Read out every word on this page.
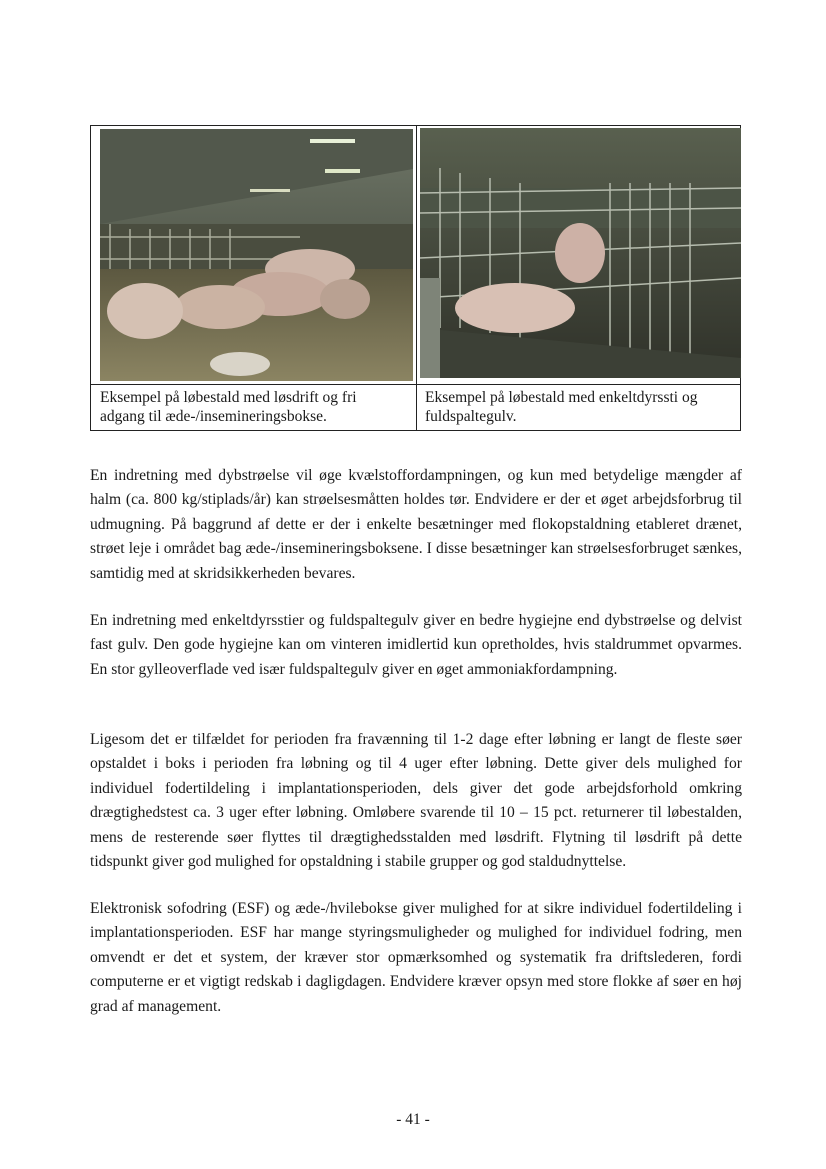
Eksempel på løbestald med løsdrift og fri adgang til æde-/insemineringsbokse.
Eksempel på løbestald med enkeltdyrssti og fuldspaltegulv.

En indretning med dybstrøelse vil øge kvælstoffordampningen, og kun med betydelige mængder af halm (ca. 800 kg/stiplads/år) kan strøelsesmåtten holdes tør. Endvidere er der et øget arbejdsforbrug til udmugning. På baggrund af dette er der i enkelte besætninger med flokopstaldning etableret drænet, strøet leje i området bag æde-/insemineringsboksene. I disse besætninger kan strøelsesforbruget sænkes, samtidig med at skridsikkerheden bevares.

En indretning med enkeltdyrsstier og fuldspaltegulv giver en bedre hygiejne end dybstrøelse og delvist fast gulv. Den gode hygiejne kan om vinteren imidlertid kun opretholdes, hvis staldrummet opvarmes. En stor gylleoverflade ved især fuldspaltegulv giver en øget ammoniakfordampning.

Ligesom det er tilfældet for perioden fra fravænning til 1-2 dage efter løbning er langt de fleste søer opstaldet i boks i perioden fra løbning og til 4 uger efter løbning. Dette giver dels mulighed for individuel fodertildeling i implantationsperioden, dels giver det gode arbejdsforhold omkring drægtighedstest ca. 3 uger efter løbning. Omløbere svarende til 10 – 15 pct. returnerer til løbestalden, mens de resterende søer flyttes til drægtighedsstalden med løsdrift. Flytning til løsdrift på dette tidspunkt giver god mulighed for opstaldning i stabile grupper og god staldudnyttelse.

Elektronisk sofodring (ESF) og æde-/hvilebokse giver mulighed for at sikre individuel fodertildeling i implantationsperioden. ESF har mange styringsmuligheder og mulighed for individuel fodring, men omvendt er det et system, der kræver stor opmærksomhed og systematik fra driftslederen, fordi computerne er et vigtigt redskab i dagligdagen. Endvidere kræver opsyn med store flokke af søer en høj grad af management.

- 41 -
